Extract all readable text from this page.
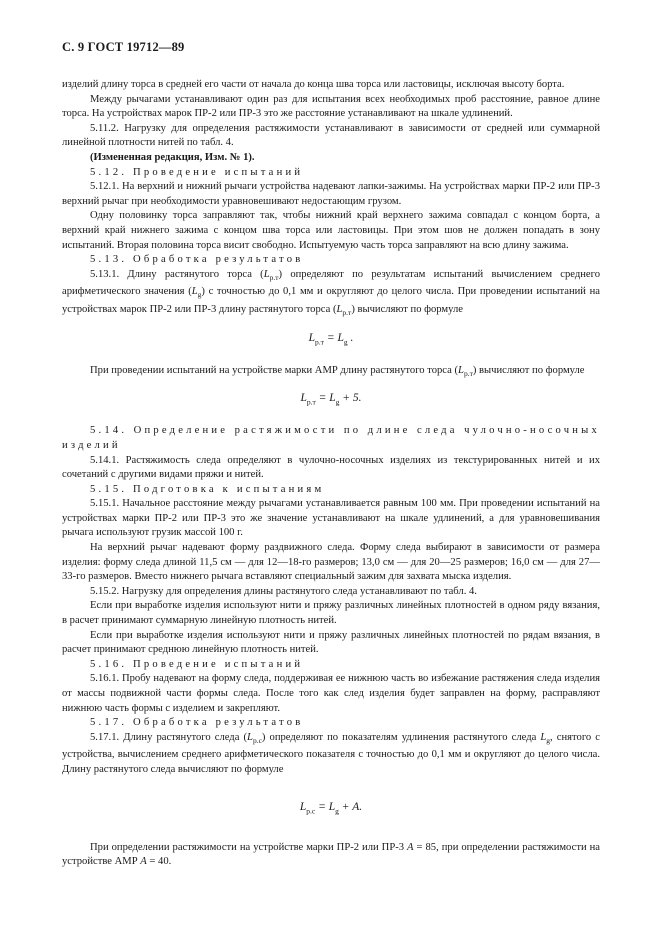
С. 9 ГОСТ 19712—89

изделий длину торса в средней его части от начала до конца шва торса или ластовицы, исключая высоту борта.

Между рычагами устанавливают один раз для испытания всех необходимых проб расстояние, равное длине торса. На устройствах марок ПР-2 или ПР-3 это же расстояние устанавливают на шкале удлинений.

5.11.2. Нагрузку для определения растяжимости устанавливают в зависимости от средней или суммарной линейной плотности нитей по табл. 4.

(Измененная редакция, Изм. № 1).

5.12. Проведение испытаний

5.12.1. На верхний и нижний рычаги устройства надевают лапки-зажимы. На устройствах марки ПР-2 или ПР-3 верхний рычаг при необходимости уравновешивают недостающим грузом.

Одну половинку торса заправляют так, чтобы нижний край верхнего зажима совпадал с концом борта, а верхний край нижнего зажима с концом шва торса или ластовицы. При этом шов не должен попадать в зону испытаний. Вторая половина торса висит свободно. Испытуемую часть торса заправляют на всю длину зажима.

5.13. Обработка результатов

5.13.1. Длину растянутого торса $(L_{р.т})$ определяют по результатам испытаний вычислением среднего арифметического значения $(L_g)$ с точностью до 0,1 мм и округляют до целого числа. При проведении испытаний на устройствах марок ПР-2 или ПР-3 длину растянутого торса $(L_{р.т})$ вычисляют по формуле

$L_{р.т} = L_g$ .

При проведении испытаний на устройстве марки АМР длину растянутого торса $(L_{р.т})$ вычисляют по формуле

$L_{р.т} = L_g + 5$.

5.14. Определение растяжимости по длине следа чулочно-носочных изделий

5.14.1. Растяжимость следа определяют в чулочно-носочных изделиях из текстурированных нитей и их сочетаний с другими видами пряжи и нитей.

5.15. Подготовка к испытаниям

5.15.1. Начальное расстояние между рычагами устанавливается равным 100 мм. При проведении испытаний на устройствах марки ПР-2 или ПР-3 это же значение устанавливают на шкале удлинений, а для уравновешивания рычага используют грузик массой 100 г.

На верхний рычаг надевают форму раздвижного следа. Форму следа выбирают в зависимости от размера изделия: форму следа длиной 11,5 см — для 12—18-го размеров; 13,0 см — для 20—25 размеров; 16,0 см — для 27—33-го размеров. Вместо нижнего рычага вставляют специальный зажим для захвата мыска изделия.

5.15.2. Нагрузку для определения длины растянутого следа устанавливают по табл. 4.

Если при выработке изделия используют нити и пряжу различных линейных плотностей в одном ряду вязания, в расчет принимают суммарную линейную плотность нитей.

Если при выработке изделия используют нити и пряжу различных линейных плотностей по рядам вязания, в расчет принимают среднюю линейную плотность нитей.

5.16. Проведение испытаний

5.16.1. Пробу надевают на форму следа, поддерживая ее нижнюю часть во избежание растяжения следа изделия от массы подвижной части формы следа. После того как след изделия будет заправлен на форму, расправляют нижнюю часть формы с изделием и закрепляют.

5.17. Обработка результатов

5.17.1. Длину растянутого следа $(L_{р.с})$ определяют по показателям удлинения растянутого следа $L_g$, снятого с устройства, вычислением среднего арифметического показателя с точностью до 0,1 мм и округляют до целого числа. Длину растянутого следа вычисляют по формуле

$L_{р.с} = L_g + A$.

При определении растяжимости на устройстве марки ПР-2 или ПР-3 A = 85, при определении растяжимости на устройстве АМР A = 40.
